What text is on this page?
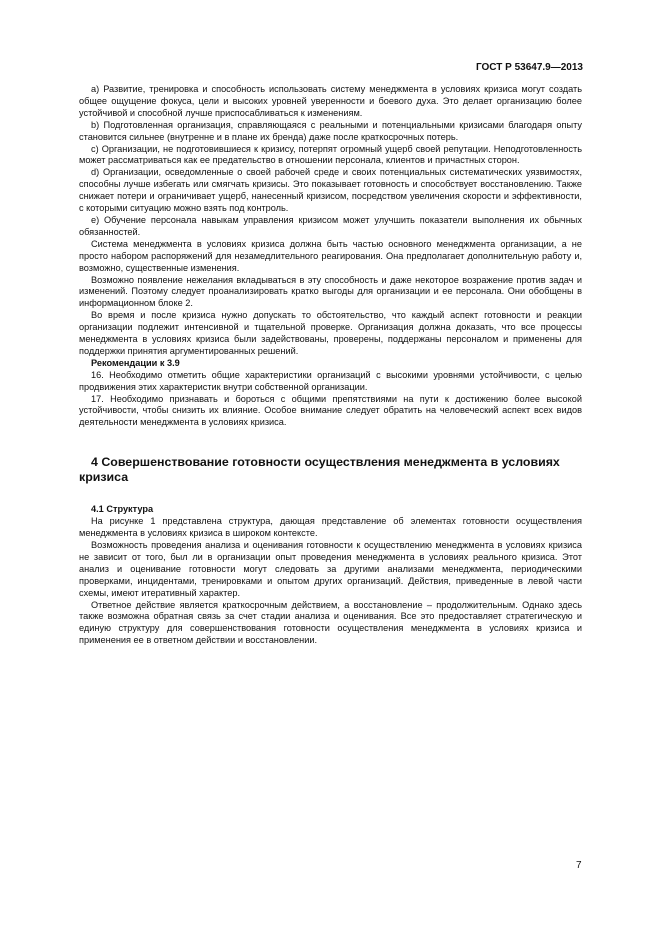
ГОСТ Р 53647.9—2013

a) Развитие, тренировка и способность использовать систему менеджмента в условиях кризиса могут создать общее ощущение фокуса, цели и высоких уровней уверенности и боевого духа. Это делает организацию более устойчивой и способной лучше приспосабливаться к изменениям.

b) Подготовленная организация, справляющаяся с реальными и потенциальными кризисами благодаря опыту становится сильнее (внутренне и в плане их бренда) даже после краткосрочных потерь.

c) Организации, не подготовившиеся к кризису, потерпят огромный ущерб своей репутации. Неподготовленность может рассматриваться как ее предательство в отношении персонала, клиентов и причастных сторон.

d) Организации, осведомленные о своей рабочей среде и своих потенциальных систематических уязвимостях, способны лучше избегать или смягчать кризисы. Это показывает готовность и способствует восстановлению. Также снижает потери и ограничивает ущерб, нанесенный кризисом, посредством увеличения скорости и эффективности, с которыми ситуацию можно взять под контроль.

e) Обучение персонала навыкам управления кризисом может улучшить показатели выполнения их обычных обязанностей.

Система менеджмента в условиях кризиса должна быть частью основного менеджмента организации, а не просто набором распоряжений для незамедлительного реагирования. Она предполагает дополнительную работу и, возможно, существенные изменения.

Возможно появление нежелания вкладываться в эту способность и даже некоторое возражение против задач и изменений. Поэтому следует проанализировать кратко выгоды для организации и ее персонала. Они обобщены в информационном блоке 2.

Во время и после кризиса нужно допускать то обстоятельство, что каждый аспект готовности и реакции организации подлежит интенсивной и тщательной проверке. Организация должна доказать, что все процессы менеджмента в условиях кризиса были задействованы, проверены, поддержаны персоналом и применены для поддержки принятия аргументированных решений.

Рекомендации к 3.9

16. Необходимо отметить общие характеристики организаций с высокими уровнями устойчивости, с целью продвижения этих характеристик внутри собственной организации.

17. Необходимо признавать и бороться с общими препятствиями на пути к достижению более высокой устойчивости, чтобы снизить их влияние. Особое внимание следует обратить на человеческий аспект всех видов деятельности менеджмента в условиях кризиса.

4 Совершенствование готовности осуществления менеджмента в условиях кризиса
4.1 Структура

На рисунке 1 представлена структура, дающая представление об элементах готовности осуществления менеджмента в условиях кризиса в широком контексте.

Возможность проведения анализа и оценивания готовности к осуществлению менеджмента в условиях кризиса не зависит от того, был ли в организации опыт проведения менеджмента в условиях реального кризиса. Этот анализ и оценивание готовности могут следовать за другими анализами менеджмента, периодическими проверками, инцидентами, тренировками и опытом других организаций. Действия, приведенные в левой части схемы, имеют итеративный характер.

Ответное действие является краткосрочным действием, а восстановление – продолжительным. Однако здесь также возможна обратная связь за счет стадии анализа и оценивания. Все это предоставляет стратегическую и единую структуру для совершенствования готовности осуществления менеджмента в условиях кризиса и применения ее в ответном действии и восстановлении.

7
